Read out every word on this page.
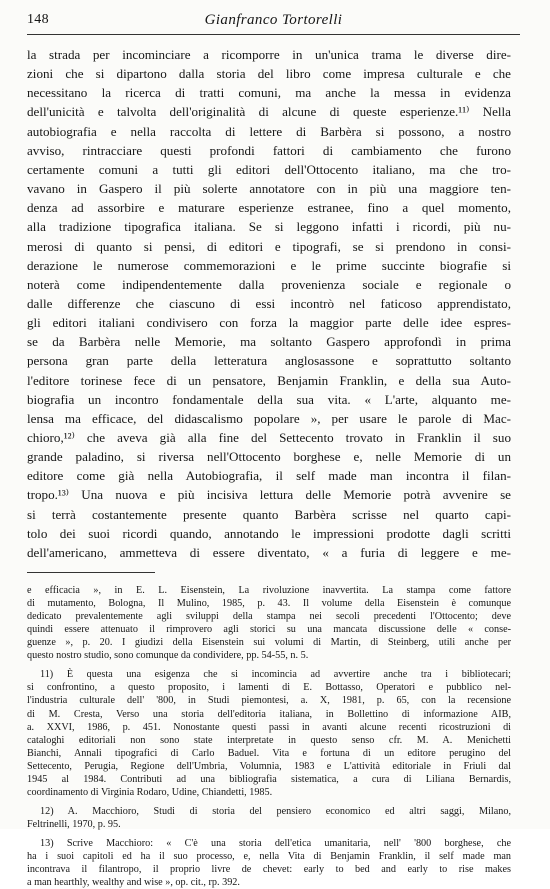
148	Gianfranco Tortorelli
la strada per incominciare a ricomporre in un'unica trama le diverse dire-
zioni che si dipartono dalla storia del libro come impresa culturale e che
necessitano la ricerca di tratti comuni, ma anche la messa in evidenza
dell'unicità e talvolta dell'originalità di alcune di queste esperienze.¹¹⁾ Nella
autobiografia e nella raccolta di lettere di Barbèra si possono, a nostro
avviso, rintracciare questi profondi fattori di cambiamento che furono
certamente comuni a tutti gli editori dell'Ottocento italiano, ma che tro-
vavano in Gaspero il più solerte annotatore con in più una maggiore ten-
denza ad assorbire e maturare esperienze estranee, fino a quel momento,
alla tradizione tipografica italiana. Se si leggono infatti i ricordi, più nu-
merosi di quanto si pensi, di editori e tipografi, se si prendono in consi-
derazione le numerose commemorazioni e le prime succinte biografie si
noterà come indipendentemente dalla provenienza sociale e regionale o
dalle differenze che ciascuno di essi incontrò nel faticoso apprendistato,
gli editori italiani condivisero con forza la maggior parte delle idee espres-
se da Barbèra nelle Memorie, ma soltanto Gaspero approfondì in prima
persona gran parte della letteratura anglosassone e soprattutto soltanto
l'editore torinese fece di un pensatore, Benjamin Franklin, e della sua Auto-
biografia un incontro fondamentale della sua vita. « L'arte, alquanto me-
lensa ma efficace, del didascalismo popolare », per usare le parole di Mac-
chioro,¹²⁾ che aveva già alla fine del Settecento trovato in Franklin il suo
grande paladino, si riversa nell'Ottocento borghese e, nelle Memorie di un
editore come già nella Autobiografia, il self made man incontra il filan-
tropo.¹³⁾ Una nuova e più incisiva lettura delle Memorie potrà avvenire se
si terrà costantemente presente quanto Barbèra scrisse nel quarto capi-
tolo dei suoi ricordi quando, annotando le impressioni prodotte dagli scritti
dell'americano, ammetteva di essere diventato, « a furia di leggere e me-
e efficacia », in E. L. Eisenstein, La rivoluzione inavvertita. La stampa come fattore
di mutamento, Bologna, Il Mulino, 1985, p. 43. Il volume della Eisenstein è comunque
dedicato prevalentemente agli sviluppi della stampa nei secoli precedenti l'Ottocento; deve
quindi essere attenuato il rimprovero agli storici su una mancata discussione delle « conse-
guenze », p. 20. I giudizi della Eisenstein sui volumi di Martin, di Steinberg, utili anche per
questo nostro studio, sono comunque da condividere, pp. 54-55, n. 5.
11) È questa una esigenza che si incomincia ad avvertire anche tra i bibliotecari;
si confrontino, a questo proposito, i lamenti di E. Bottasso, Operatori e pubblico nel-
l'industria culturale dell' '800, in Studi piemontesi, a. X, 1981, p. 65, con la recensione
di M. Cresta, Verso una storia dell'editoria italiana, in Bollettino di informazione AIB,
a. XXVI, 1986, p. 451. Nonostante questi passi in avanti alcune recenti ricostruzioni di
cataloghi editoriali non sono state interpretate in questo senso cfr. M. A. Menichetti
Bianchi, Annali tipografici di Carlo Baduel. Vita e fortuna di un editore perugino del
Settecento, Perugia, Regione dell'Umbria, Volumnia, 1983 e L'attività editoriale in Friuli dal
1945 al 1984. Contributi ad una bibliografia sistematica, a cura di Liliana Bernardis,
coordinamento di Virginia Rodaro, Udine, Chiandetti, 1985.
12) A. Macchioro, Studi di storia del pensiero economico ed altri saggi, Milano,
Feltrinelli, 1970, p. 95.
13) Scrive Macchioro: « C'è una storia dell'etica umanitaria, nell' '800 borghese, che
ha i suoi capitoli ed ha il suo processo, e, nella Vita di Benjamin Franklin, il self made man
incontrava il filantropo, il proprio livre de chevet: early to bed and early to rise makes
a man hearthly, wealthy and wise », op. cit., rp. 392.
